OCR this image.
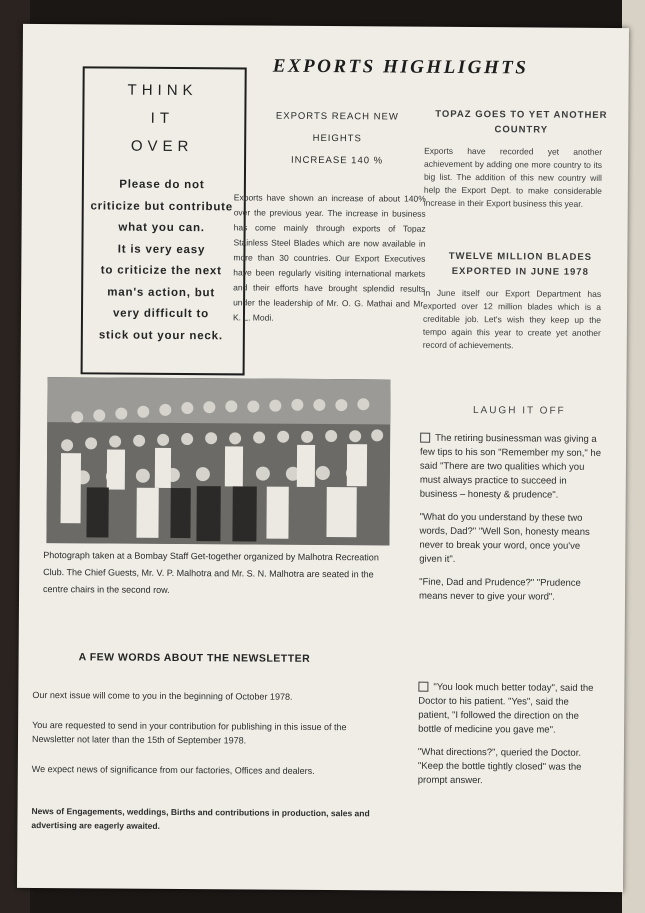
EXPORTS HIGHLIGHTS
THINK
IT
OVER
Please do not
criticize but contribute
what you can.
It is very easy
to criticize the next
man's action, but
very difficult to
stick out your neck.
EXPORTS REACH NEW
HEIGHTS
INCREASE 140 %
Exports have shown an increase of about 140% over the previous year. The increase in business has come mainly through exports of Topaz Stainless Steel Blades which are now available in more than 30 countries. Our Export Executives have been regularly visiting international markets and their efforts have brought splendid results under the leadership of Mr. O. G. Mathai and Mr. K. L. Modi.
TOPAZ GOES TO YET ANOTHER COUNTRY
Exports have recorded yet another achievement by adding one more country to its big list. The addition of this new country will help the Export Dept. to make considerable increase in their Export business this year.
TWELVE MILLION BLADES EXPORTED IN JUNE 1978
In June itself our Export Department has exported over 12 million blades which is a creditable job. Let's wish they keep up the tempo again this year to create yet another record of achievements.
LAUGH IT OFF
The retiring businessman was giving a few tips to his son "Remember my son," he said "There are two qualities which you must always practice to succeed in business – honesty & prudence".
"What do you understand by these two words, Dad?" "Well Son, honesty means never to break your word, once you've given it".
"Fine, Dad and Prudence?" "Prudence means never to give your word".
"You look much better today", said the Doctor to his patient. "Yes", said the patient, "I followed the direction on the bottle of medicine you gave me".
"What directions?", queried the Doctor. "Keep the bottle tightly closed" was the prompt answer.
Photograph taken at a Bombay Staff Get-together organized by Malhotra Recreation Club. The Chief Guests, Mr. V. P. Malhotra and Mr. S. N. Malhotra are seated in the centre chairs in the second row.
A FEW WORDS ABOUT THE NEWSLETTER
Our next issue will come to you in the beginning of October 1978.
You are requested to send in your contribution for publishing in this issue of the Newsletter not later than the 15th of September 1978.
We expect news of significance from our factories, Offices and dealers.
News of Engagements, weddings, Births and contributions in production, sales and advertising are eagerly awaited.
